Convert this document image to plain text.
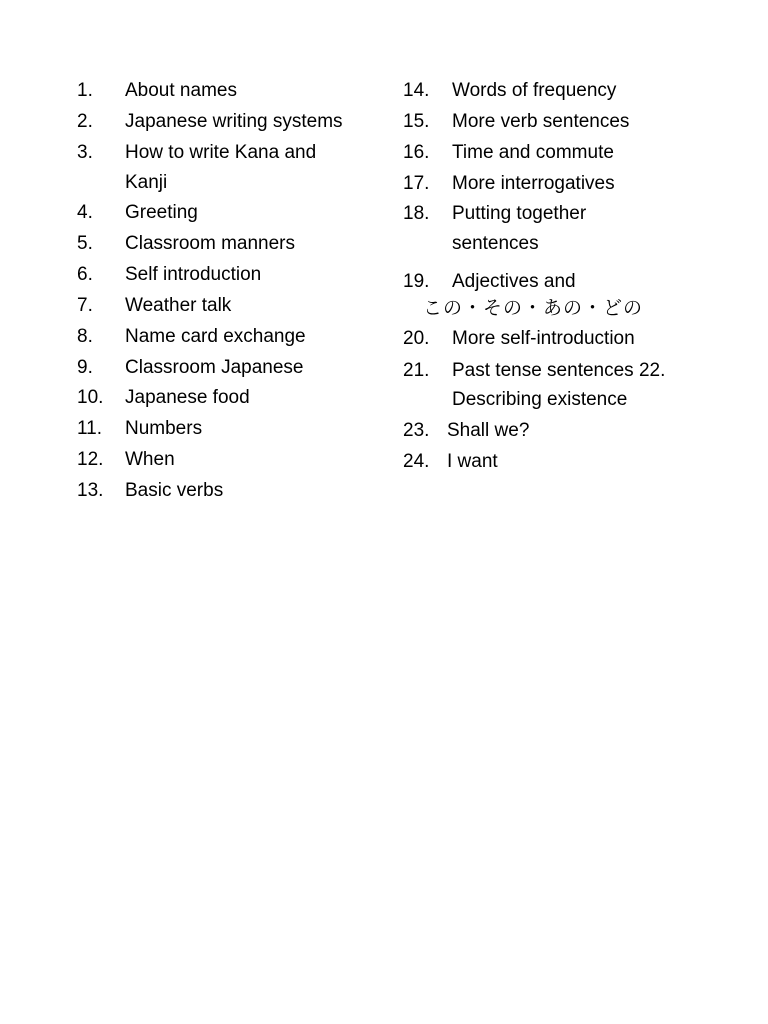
1. About names
2. Japanese writing systems
3. How to write Kana and
Kanji
4. Greeting
5. Classroom manners
6. Self introduction
7. Weather talk
8. Name card exchange
9. Classroom Japanese
10. Japanese food
11. Numbers
12. When
13. Basic verbs
14. Words of frequency
15. More verb sentences
16. Time and commute
17. More interrogatives
18. Putting together
sentences
19. Adjectives and
この・その・あの・どの
20. More self-introduction
21. Past tense sentences 22.
Describing existence
23. Shall we?
24. I want
